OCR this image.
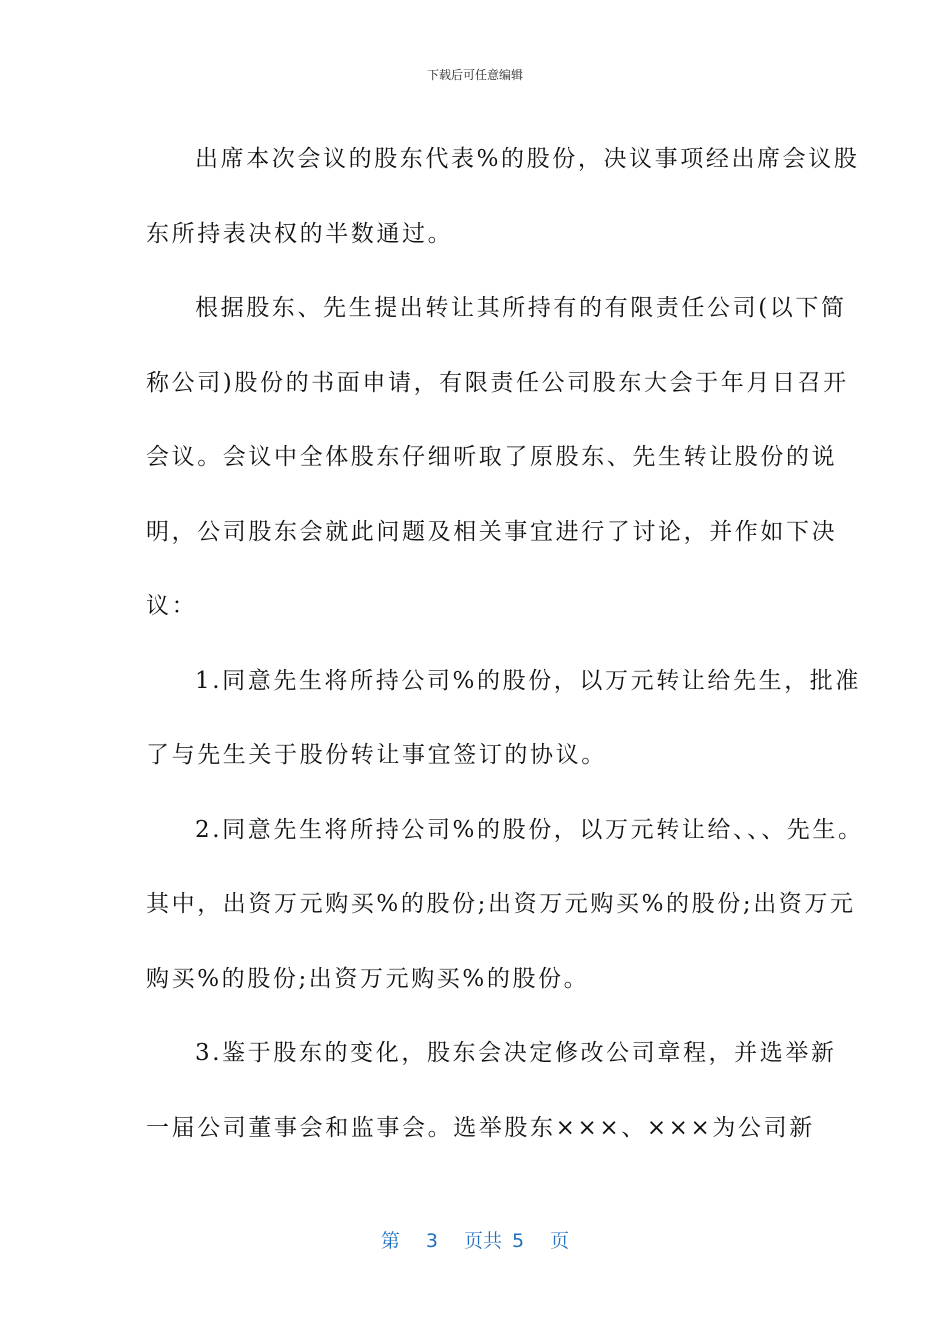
下载后可任意编辑

出席本次会议的股东代表%的股份，决议事项经出席会议股

东所持表决权的半数通过。

根据股东、先生提出转让其所持有的有限责任公司(以下简

称公司)股份的书面申请，有限责任公司股东大会于年月日召开

会议。会议中全体股东仔细听取了原股东、先生转让股份的说

明，公司股东会就此问题及相关事宜进行了讨论，并作如下决

议：

1.同意先生将所持公司%的股份，以万元转让给先生，批准

了与先生关于股份转让事宜签订的协议。

2.同意先生将所持公司%的股份，以万元转让给、、、先生。

其中，出资万元购买%的股份;出资万元购买%的股份;出资万元

购买%的股份;出资万元购买%的股份。

3.鉴于股东的变化，股东会决定修改公司章程，并选举新

一届公司董事会和监事会。选举股东×××、×××为公司新

第 3 页共 5 页
